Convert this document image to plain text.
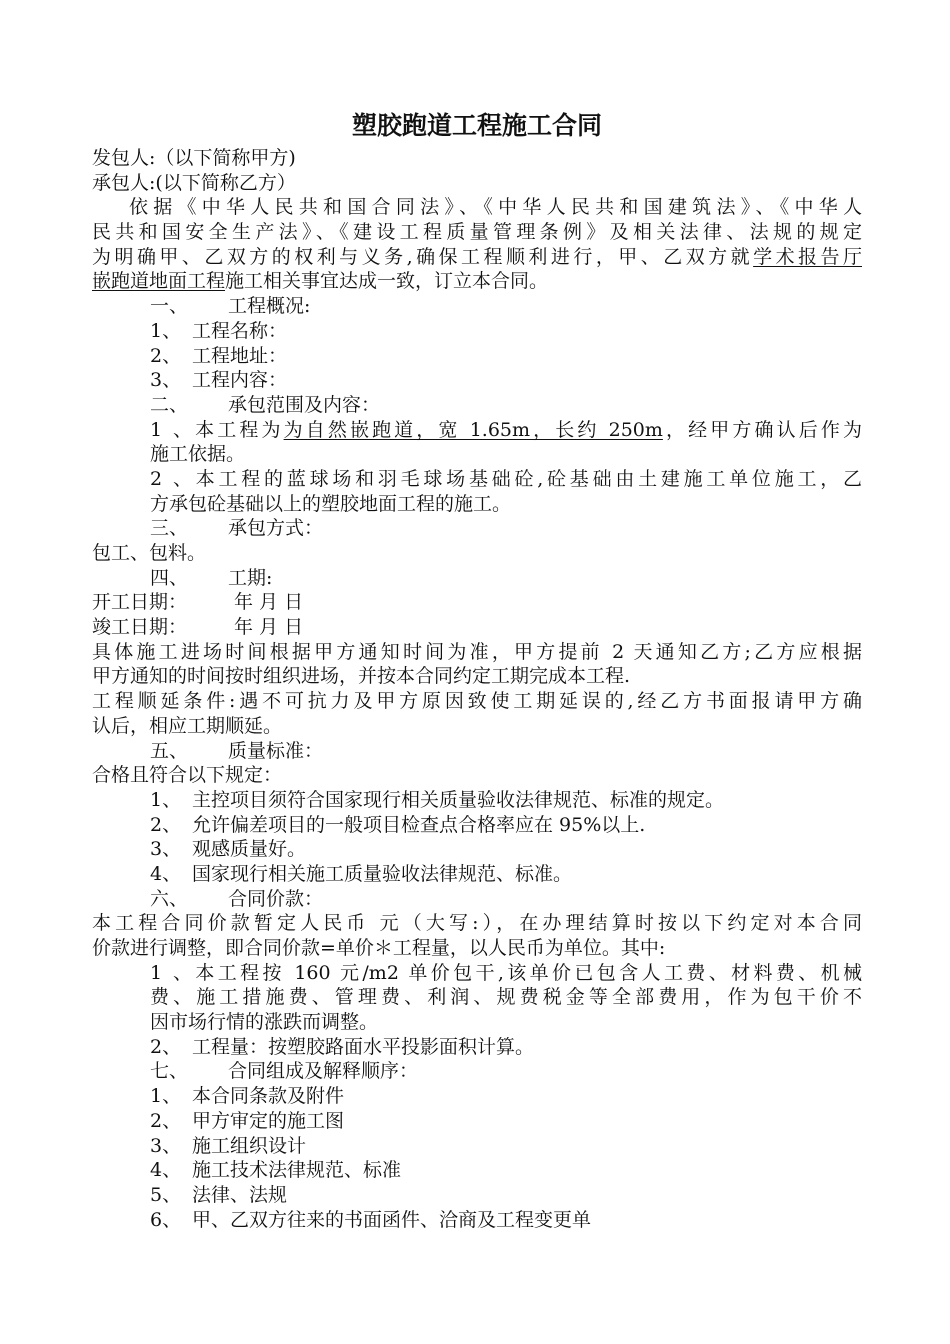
塑胶跑道工程施工合同
发包人:（以下简称甲方)
承包人:(以下简称乙方）
依据《中华人民共和国合同法》、《中华人民共和国建筑法》、《中华人
民共和国安全生产法》、《建设工程质量管理条例》及相关法律、法规的规定
为明确甲、乙双方的权利与义务,确保工程顺利进行，甲、乙双方就学术报告厅
嵌跑道地面工程施工相关事宜达成一致，订立本合同。
一、 工程概况:
1、 工程名称：
2、 工程地址：
3、 工程内容：
二、 承包范围及内容：
1、本工程为为自然嵌跑道，宽 1.65m，长约 250m，经甲方确认后作为
施工依据。
2、本工程的蓝球场和羽毛球场基础砼,砼基础由土建施工单位施工，乙
方承包砼基础以上的塑胶地面工程的施工。
三、 承包方式：
包工、包料。
四、 工期:
开工日期： 年 月 日
竣工日期： 年 月 日
具体施工进场时间根据甲方通知时间为准，甲方提前 2 天通知乙方;乙方应根据
甲方通知的时间按时组织进场，并按本合同约定工期完成本工程.
工程顺延条件:遇不可抗力及甲方原因致使工期延误的,经乙方书面报请甲方确
认后，相应工期顺延。
五、 质量标准：
合格且符合以下规定：
1、 主控项目须符合国家现行相关质量验收法律规范、标准的规定。
2、 允许偏差项目的一般项目检查点合格率应在 95%以上.
3、 观感质量好。
4、 国家现行相关施工质量验收法律规范、标准。
六、 合同价款：
本工程合同价款暂定人民币 元（大写:），在办理结算时按以下约定对本合同
价款进行调整，即合同价款=单价＊工程量，以人民币为单位。其中:
1、本工程按 160 元/m2 单价包干,该单价已包含人工费、材料费、机械
费、施工措施费、管理费、利润、规费税金等全部费用，作为包干价不
因市场行情的涨跌而调整。
2、 工程量：按塑胶路面水平投影面积计算。
七、 合同组成及解释顺序：
1、 本合同条款及附件
2、 甲方审定的施工图
3、 施工组织设计
4、 施工技术法律规范、标准
5、 法律、法规
6、 甲、乙双方往来的书面函件、洽商及工程变更单
